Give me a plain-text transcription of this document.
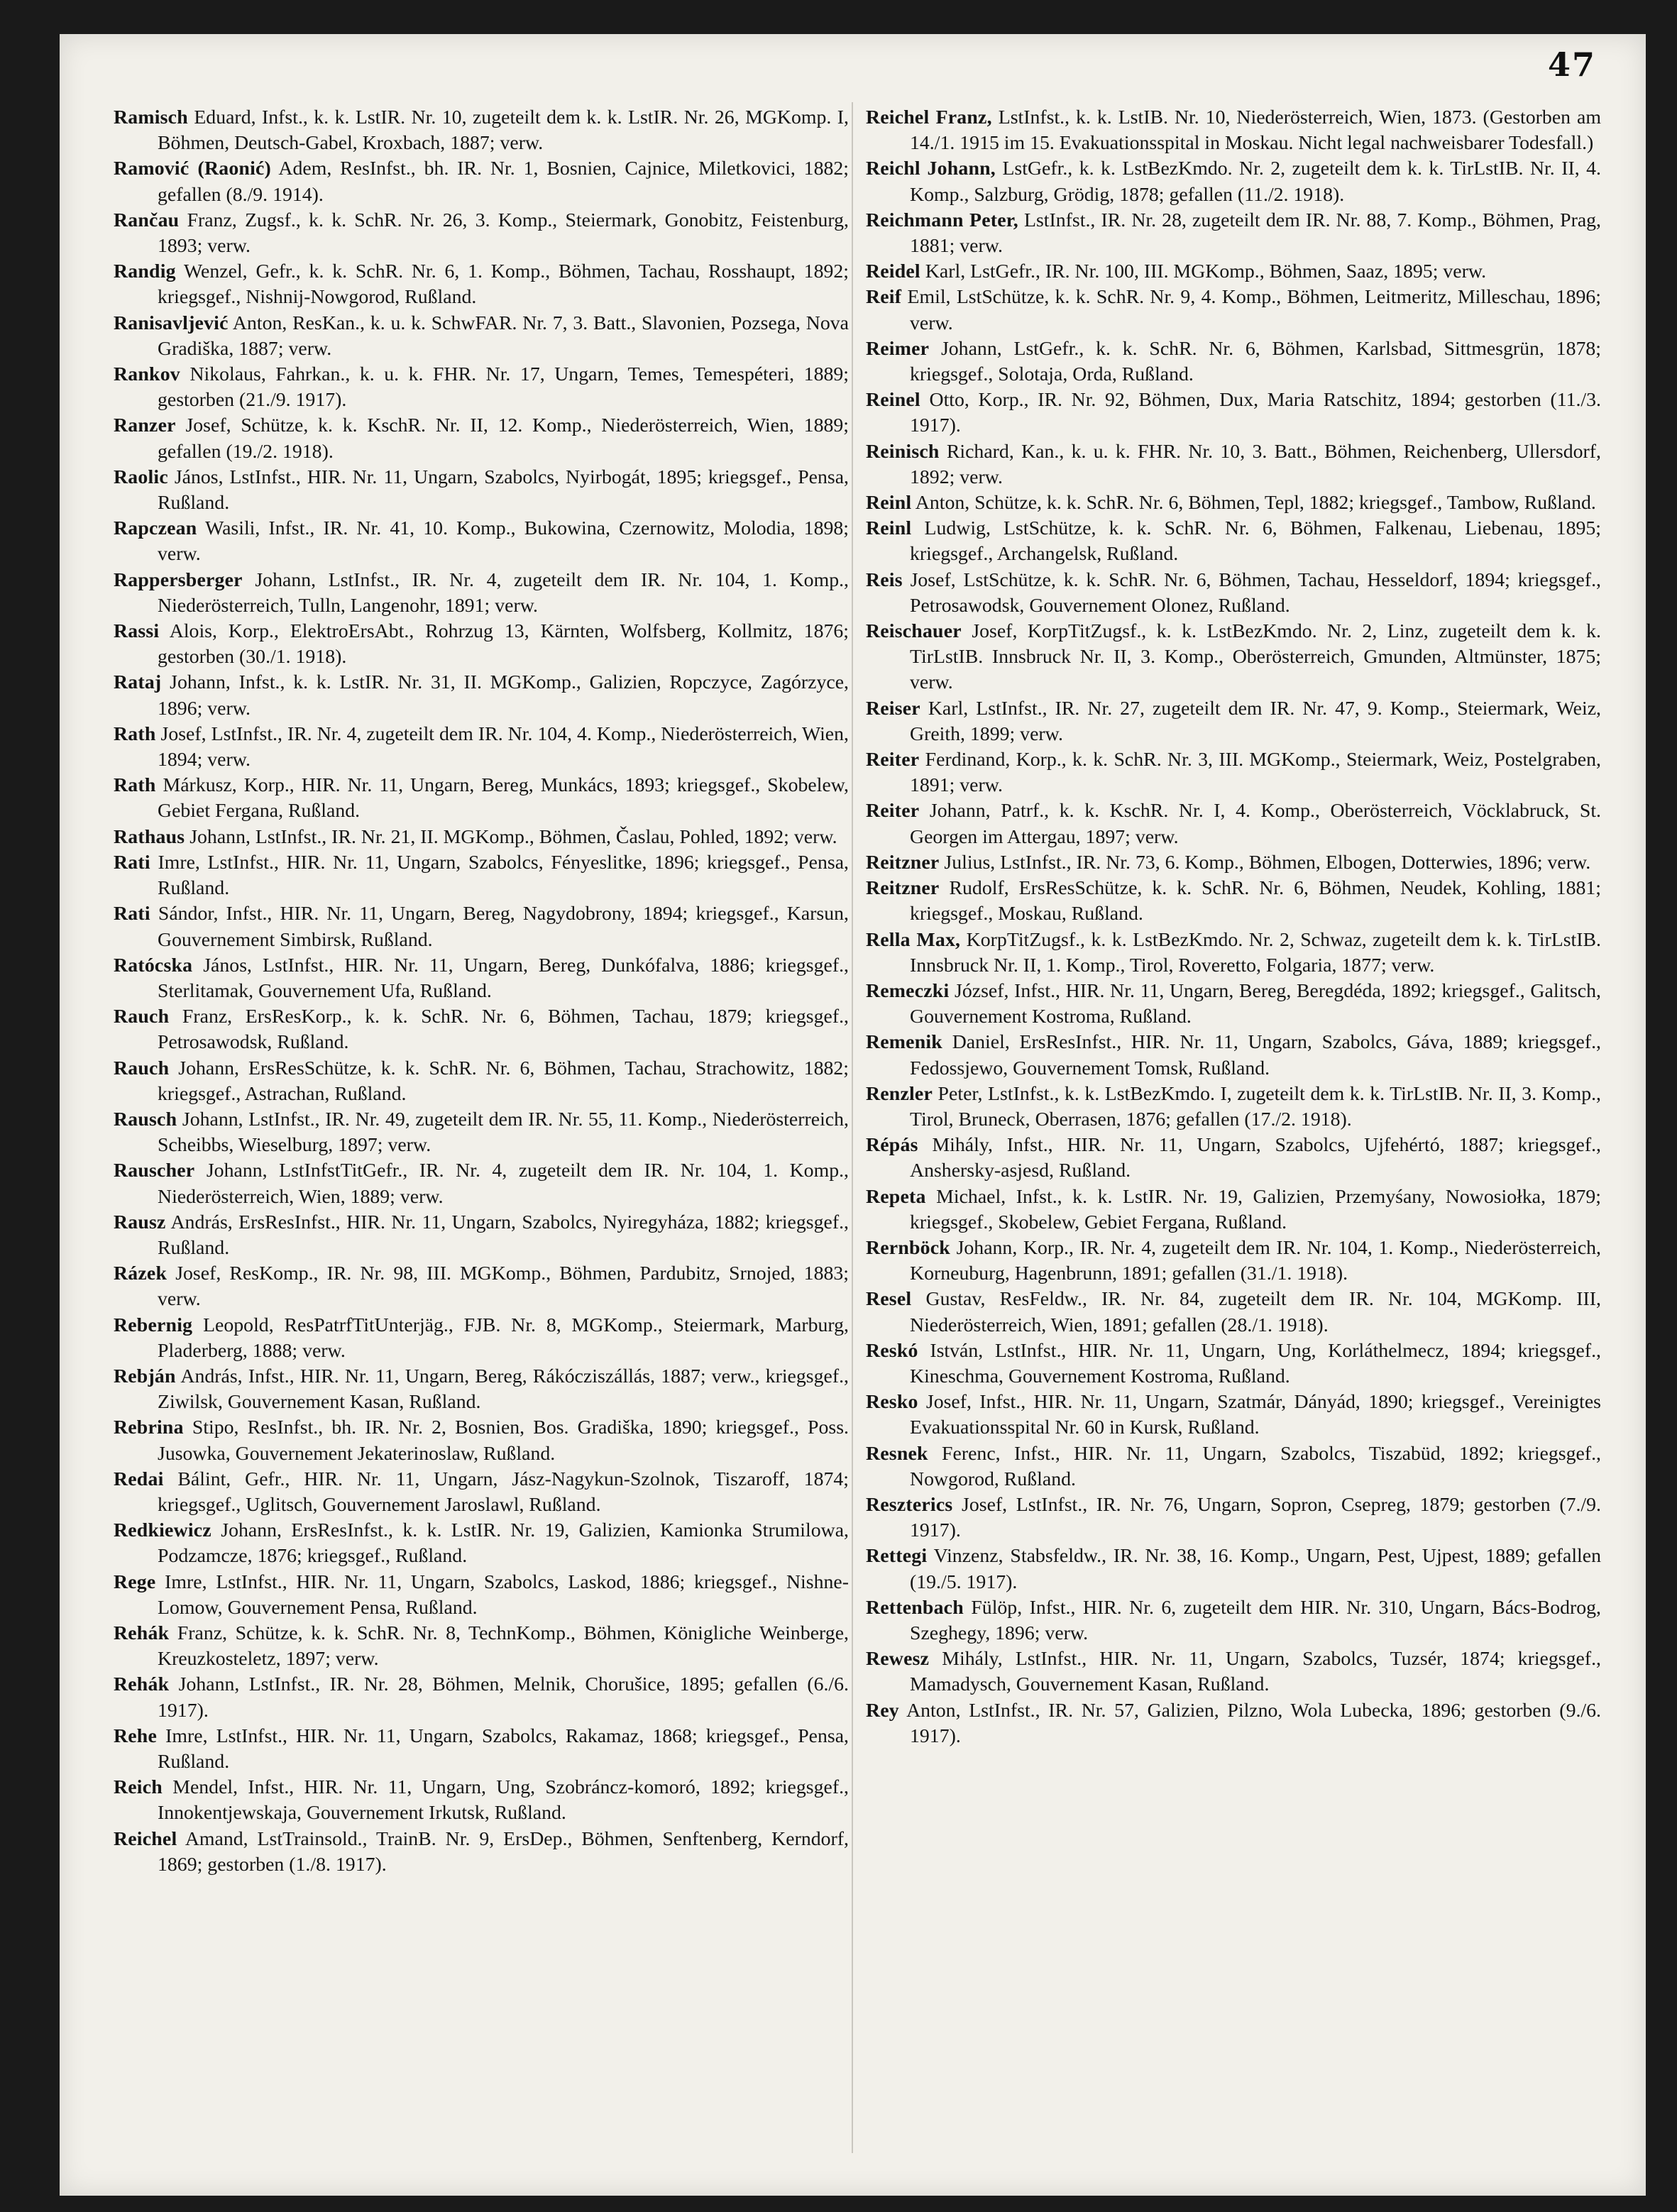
47

Ramisch Eduard, Infst., k. k. LstIR. Nr. 10, zugeteilt dem k. k. LstIR. Nr. 26, MGKomp. I, Böhmen, Deutsch-Gabel, Kroxbach, 1887; verw.

Ramović (Raonić) Adem, ResInfst., bh. IR. Nr. 1, Bosnien, Cajnice, Miletkovici, 1882; gefallen (8./9. 1914).

Rančau Franz, Zugsf., k. k. SchR. Nr. 26, 3. Komp., Steiermark, Gonobitz, Feistenburg, 1893; verw.

Randig Wenzel, Gefr., k. k. SchR. Nr. 6, 1. Komp., Böhmen, Tachau, Rosshaupt, 1892; kriegsgef., Nishnij-Nowgorod, Rußland.

Ranisavljević Anton, ResKan., k. u. k. SchwFAR. Nr. 7, 3. Batt., Slavonien, Pozsega, Nova Gradiška, 1887; verw.

Rankov Nikolaus, Fahrkan., k. u. k. FHR. Nr. 17, Ungarn, Temes, Temespéteri, 1889; gestorben (21./9. 1917).

Ranzer Josef, Schütze, k. k. KschR. Nr. II, 12. Komp., Niederösterreich, Wien, 1889; gefallen (19./2. 1918).

Raolic János, LstInfst., HIR. Nr. 11, Ungarn, Szabolcs, Nyirbogát, 1895; kriegsgef., Pensa, Rußland.

Rapczean Wasili, Infst., IR. Nr. 41, 10. Komp., Bukowina, Czernowitz, Molodia, 1898; verw.

Rappersberger Johann, LstInfst., IR. Nr. 4, zugeteilt dem IR. Nr. 104, 1. Komp., Niederösterreich, Tulln, Langenohr, 1891; verw.

Rassi Alois, Korp., ElektroErsAbt., Rohrzug 13, Kärnten, Wolfsberg, Kollmitz, 1876; gestorben (30./1. 1918).

Rataj Johann, Infst., k. k. LstIR. Nr. 31, II. MGKomp., Galizien, Ropczyce, Zagórzyce, 1896; verw.

Rath Josef, LstInfst., IR. Nr. 4, zugeteilt dem IR. Nr. 104, 4. Komp., Niederösterreich, Wien, 1894; verw.

Rath Márkusz, Korp., HIR. Nr. 11, Ungarn, Bereg, Munkács, 1893; kriegsgef., Skobelew, Gebiet Fergana, Rußland.

Rathaus Johann, LstInfst., IR. Nr. 21, II. MGKomp., Böhmen, Časlau, Pohled, 1892; verw.

Rati Imre, LstInfst., HIR. Nr. 11, Ungarn, Szabolcs, Fényeslitke, 1896; kriegsgef., Pensa, Rußland.

Rati Sándor, Infst., HIR. Nr. 11, Ungarn, Bereg, Nagydobrony, 1894; kriegsgef., Karsun, Gouvernement Simbirsk, Rußland.

Ratócska János, LstInfst., HIR. Nr. 11, Ungarn, Bereg, Dunkófalva, 1886; kriegsgef., Sterlitamak, Gouvernement Ufa, Rußland.

Rauch Franz, ErsResKorp., k. k. SchR. Nr. 6, Böhmen, Tachau, 1879; kriegsgef., Petrosawodsk, Rußland.

Rauch Johann, ErsResSchütze, k. k. SchR. Nr. 6, Böhmen, Tachau, Strachowitz, 1882; kriegsgef., Astrachan, Rußland.

Rausch Johann, LstInfst., IR. Nr. 49, zugeteilt dem IR. Nr. 55, 11. Komp., Niederösterreich, Scheibbs, Wieselburg, 1897; verw.

Rauscher Johann, LstInfstTitGefr., IR. Nr. 4, zugeteilt dem IR. Nr. 104, 1. Komp., Niederösterreich, Wien, 1889; verw.

Rausz András, ErsResInfst., HIR. Nr. 11, Ungarn, Szabolcs, Nyiregyháza, 1882; kriegsgef., Rußland.

Rázek Josef, ResKomp., IR. Nr. 98, III. MGKomp., Böhmen, Pardubitz, Srnojed, 1883; verw.

Rebernig Leopold, ResPatrfTitUnterjäg., FJB. Nr. 8, MGKomp., Steiermark, Marburg, Pladerberg, 1888; verw.

Rebján András, Infst., HIR. Nr. 11, Ungarn, Bereg, Rákócziszállás, 1887; verw., kriegsgef., Ziwilsk, Gouvernement Kasan, Rußland.

Rebrina Stipo, ResInfst., bh. IR. Nr. 2, Bosnien, Bos. Gradiška, 1890; kriegsgef., Poss. Jusowka, Gouvernement Jekaterinoslaw, Rußland.

Redai Bálint, Gefr., HIR. Nr. 11, Ungarn, Jász-Nagykun-Szolnok, Tiszaroff, 1874; kriegsgef., Uglitsch, Gouvernement Jaroslawl, Rußland.

Redkiewicz Johann, ErsResInfst., k. k. LstIR. Nr. 19, Galizien, Kamionka Strumilowa, Podzamcze, 1876; kriegsgef., Rußland.

Rege Imre, LstInfst., HIR. Nr. 11, Ungarn, Szabolcs, Laskod, 1886; kriegsgef., Nishne-Lomow, Gouvernement Pensa, Rußland.

Rehák Franz, Schütze, k. k. SchR. Nr. 8, TechnKomp., Böhmen, Königliche Weinberge, Kreuzkosteletz, 1897; verw.

Rehák Johann, LstInfst., IR. Nr. 28, Böhmen, Melnik, Chorušice, 1895; gefallen (6./6. 1917).

Rehe Imre, LstInfst., HIR. Nr. 11, Ungarn, Szabolcs, Rakamaz, 1868; kriegsgef., Pensa, Rußland.

Reich Mendel, Infst., HIR. Nr. 11, Ungarn, Ung, Szobráncz-komoró, 1892; kriegsgef., Innokentjewskaja, Gouvernement Irkutsk, Rußland.

Reichel Amand, LstTrainsold., TrainB. Nr. 9, ErsDep., Böhmen, Senftenberg, Kerndorf, 1869; gestorben (1./8. 1917).

Reichel Franz, LstInfst., k. k. LstIB. Nr. 10, Niederösterreich, Wien, 1873. (Gestorben am 14./1. 1915 im 15. Evakuationsspital in Moskau. Nicht legal nachweisbarer Todesfall.)

Reichl Johann, LstGefr., k. k. LstBezKmdo. Nr. 2, zugeteilt dem k. k. TirLstIB. Nr. II, 4. Komp., Salzburg, Grödig, 1878; gefallen (11./2. 1918).

Reichmann Peter, LstInfst., IR. Nr. 28, zugeteilt dem IR. Nr. 88, 7. Komp., Böhmen, Prag, 1881; verw.

Reidel Karl, LstGefr., IR. Nr. 100, III. MGKomp., Böhmen, Saaz, 1895; verw.

Reif Emil, LstSchütze, k. k. SchR. Nr. 9, 4. Komp., Böhmen, Leitmeritz, Milleschau, 1896; verw.

Reimer Johann, LstGefr., k. k. SchR. Nr. 6, Böhmen, Karlsbad, Sittmesgrün, 1878; kriegsgef., Solotaja, Orda, Rußland.

Reinel Otto, Korp., IR. Nr. 92, Böhmen, Dux, Maria Ratschitz, 1894; gestorben (11./3. 1917).

Reinisch Richard, Kan., k. u. k. FHR. Nr. 10, 3. Batt., Böhmen, Reichenberg, Ullersdorf, 1892; verw.

Reinl Anton, Schütze, k. k. SchR. Nr. 6, Böhmen, Tepl, 1882; kriegsgef., Tambow, Rußland.

Reinl Ludwig, LstSchütze, k. k. SchR. Nr. 6, Böhmen, Falkenau, Liebenau, 1895; kriegsgef., Archangelsk, Rußland.

Reis Josef, LstSchütze, k. k. SchR. Nr. 6, Böhmen, Tachau, Hesseldorf, 1894; kriegsgef., Petrosawodsk, Gouvernement Olonez, Rußland.

Reischauer Josef, KorpTitZugsf., k. k. LstBezKmdo. Nr. 2, Linz, zugeteilt dem k. k. TirLstIB. Innsbruck Nr. II, 3. Komp., Oberösterreich, Gmunden, Altmünster, 1875; verw.

Reiser Karl, LstInfst., IR. Nr. 27, zugeteilt dem IR. Nr. 47, 9. Komp., Steiermark, Weiz, Greith, 1899; verw.

Reiter Ferdinand, Korp., k. k. SchR. Nr. 3, III. MGKomp., Steiermark, Weiz, Postelgraben, 1891; verw.

Reiter Johann, Patrf., k. k. KschR. Nr. I, 4. Komp., Oberösterreich, Vöcklabruck, St. Georgen im Attergau, 1897; verw.

Reitzner Julius, LstInfst., IR. Nr. 73, 6. Komp., Böhmen, Elbogen, Dotterwies, 1896; verw.

Reitzner Rudolf, ErsResSchütze, k. k. SchR. Nr. 6, Böhmen, Neudek, Kohling, 1881; kriegsgef., Moskau, Rußland.

Rella Max, KorpTitZugsf., k. k. LstBezKmdo. Nr. 2, Schwaz, zugeteilt dem k. k. TirLstIB. Innsbruck Nr. II, 1. Komp., Tirol, Roveretto, Folgaria, 1877; verw.

Remeczki József, Infst., HIR. Nr. 11, Ungarn, Bereg, Beregdéda, 1892; kriegsgef., Galitsch, Gouvernement Kostroma, Rußland.

Remenik Daniel, ErsResInfst., HIR. Nr. 11, Ungarn, Szabolcs, Gáva, 1889; kriegsgef., Fedossjewo, Gouvernement Tomsk, Rußland.

Renzler Peter, LstInfst., k. k. LstBezKmdo. I, zugeteilt dem k. k. TirLstIB. Nr. II, 3. Komp., Tirol, Bruneck, Oberrasen, 1876; gefallen (17./2. 1918).

Répás Mihály, Infst., HIR. Nr. 11, Ungarn, Szabolcs, Ujfehértó, 1887; kriegsgef., Anshersky-asjesd, Rußland.

Repeta Michael, Infst., k. k. LstIR. Nr. 19, Galizien, Przemyśany, Nowosiołka, 1879; kriegsgef., Skobelew, Gebiet Fergana, Rußland.

Rernböck Johann, Korp., IR. Nr. 4, zugeteilt dem IR. Nr. 104, 1. Komp., Niederösterreich, Korneuburg, Hagenbrunn, 1891; gefallen (31./1. 1918).

Resel Gustav, ResFeldw., IR. Nr. 84, zugeteilt dem IR. Nr. 104, MGKomp. III, Niederösterreich, Wien, 1891; gefallen (28./1. 1918).

Reskó István, LstInfst., HIR. Nr. 11, Ungarn, Ung, Korláthelmecz, 1894; kriegsgef., Kineschma, Gouvernement Kostroma, Rußland.

Resko Josef, Infst., HIR. Nr. 11, Ungarn, Szatmár, Dányád, 1890; kriegsgef., Vereinigtes Evakuationsspital Nr. 60 in Kursk, Rußland.

Resnek Ferenc, Infst., HIR. Nr. 11, Ungarn, Szabolcs, Tiszabüd, 1892; kriegsgef., Nowgorod, Rußland.

Reszterics Josef, LstInfst., IR. Nr. 76, Ungarn, Sopron, Csepreg, 1879; gestorben (7./9. 1917).

Rettegi Vinzenz, Stabsfeldw., IR. Nr. 38, 16. Komp., Ungarn, Pest, Ujpest, 1889; gefallen (19./5. 1917).

Rettenbach Fülöp, Infst., HIR. Nr. 6, zugeteilt dem HIR. Nr. 310, Ungarn, Bács-Bodrog, Szeghegy, 1896; verw.

Rewesz Mihály, LstInfst., HIR. Nr. 11, Ungarn, Szabolcs, Tuzsér, 1874; kriegsgef., Mamadysch, Gouvernement Kasan, Rußland.

Rey Anton, LstInfst., IR. Nr. 57, Galizien, Pilzno, Wola Lubecka, 1896; gestorben (9./6. 1917).
